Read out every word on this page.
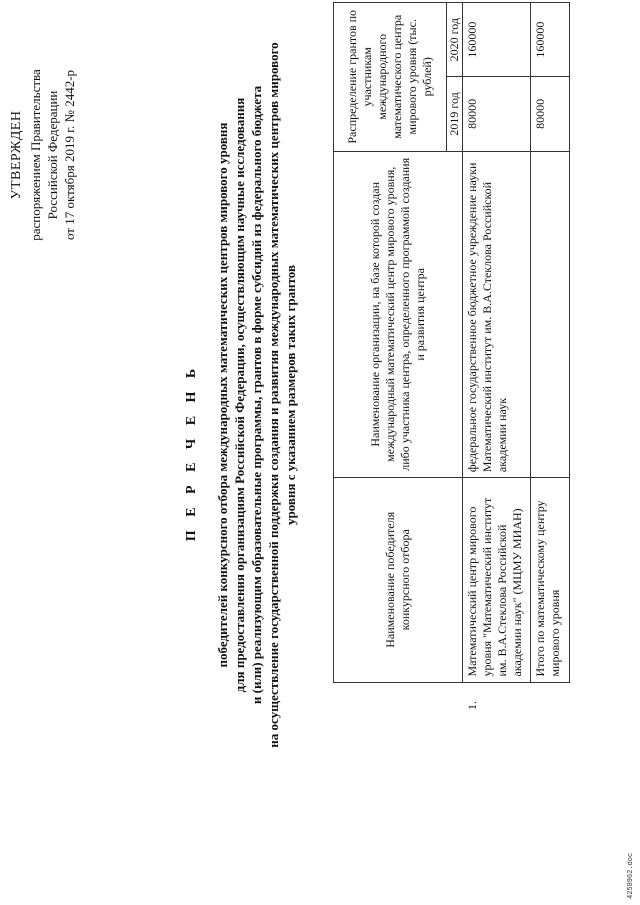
УТВЕРЖДЕН распоряжением Правительства Российской Федерации от 17 октября 2019 г. № 2442-р
П Е Р Е Ч Е Н Ь победителей конкурсного отбора международных математических центров мирового уровня для предоставления организациям Российской Федерации, осуществляющим научные исследования и (или) реализующим образовательные программы, грантов в форме субсидий из федерального бюджета на осуществление государственной поддержки создания и развития международных математических центров мирового уровня с указанием размеров таких грантов
	Наименование победителя конкурсного отбора	Наименование организации, на базе которой создан международный математический центр мирового уровня, либо участника центра, определенного программой создания и развития центра	Распределение грантов по участникам международного математического центра мирового уровня (тыс. рублей)	
			2019 год	2020 год
1.	Математический центр мирового уровня "Математический институт им. В.А.Стеклова Российской академии наук" (МЦМУ МИАН)	федеральное государственное бюджетное учреждение науки Математический институт им. В.А.Стеклова Российской академии наук	80000	160000
	Итого по математическому центру мирового уровня		80000	160000
4258962.doc
